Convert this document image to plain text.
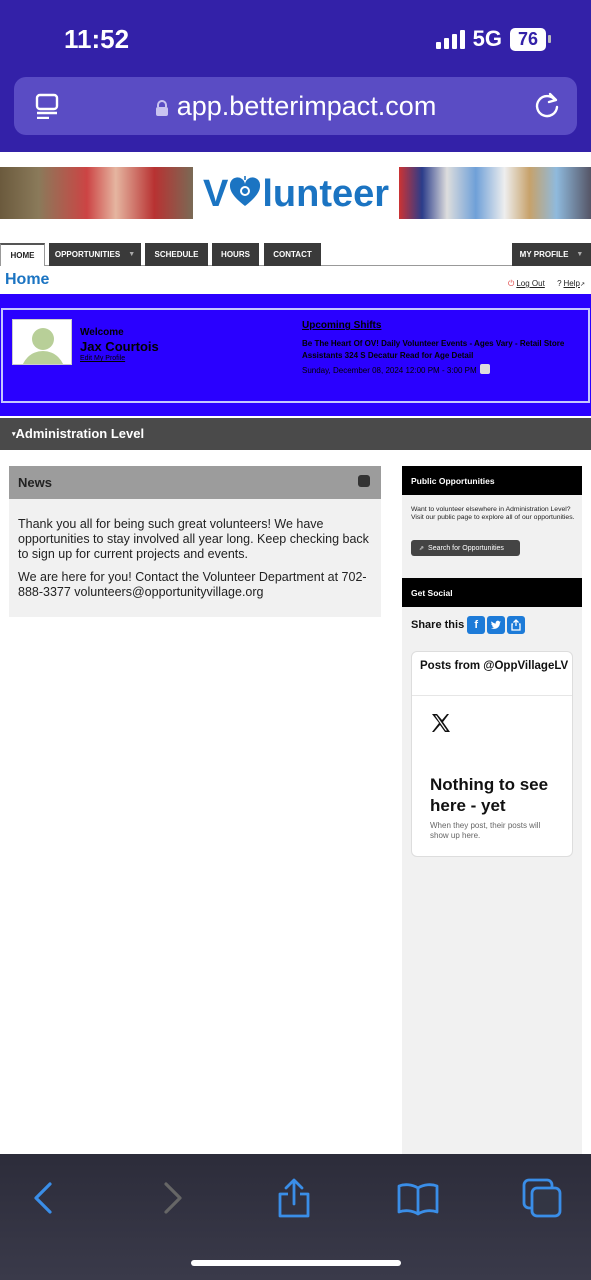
11:52	5G 76
app.betterimpact.com
V lunteer
HOME	OPPORTUNITIES ▼ SCHEDULE	HOURS	CONTACT	MY PROFILE ▼
Home	⏻ Log Out ? Help↗
Welcome
Jax Courtois
Edit My Profile
Upcoming Shifts
Be The Heart Of OV! Daily Volunteer Events - Ages Vary - Retail Store Assistants 324 S Decatur Read for Age Detail
Sunday, December 08, 2024 12:00 PM - 3:00 PM
▾Administration Level
News

Thank you all for being such great volunteers! We have opportunities to stay involved all year long. Keep checking back to sign up for current projects and events.

We are here for you! Contact the Volunteer Department at 702-888-3377 volunteers@opportunityvillage.org

Public Opportunities
Want to volunteer elsewhere in Administration Level? Visit our public page to explore all of our opportunities.
⇗ Search for Opportunities
Get Social
Share this f
Posts from @OppVillageLV
Nothing to see here - yet
When they post, their posts will show up here.
